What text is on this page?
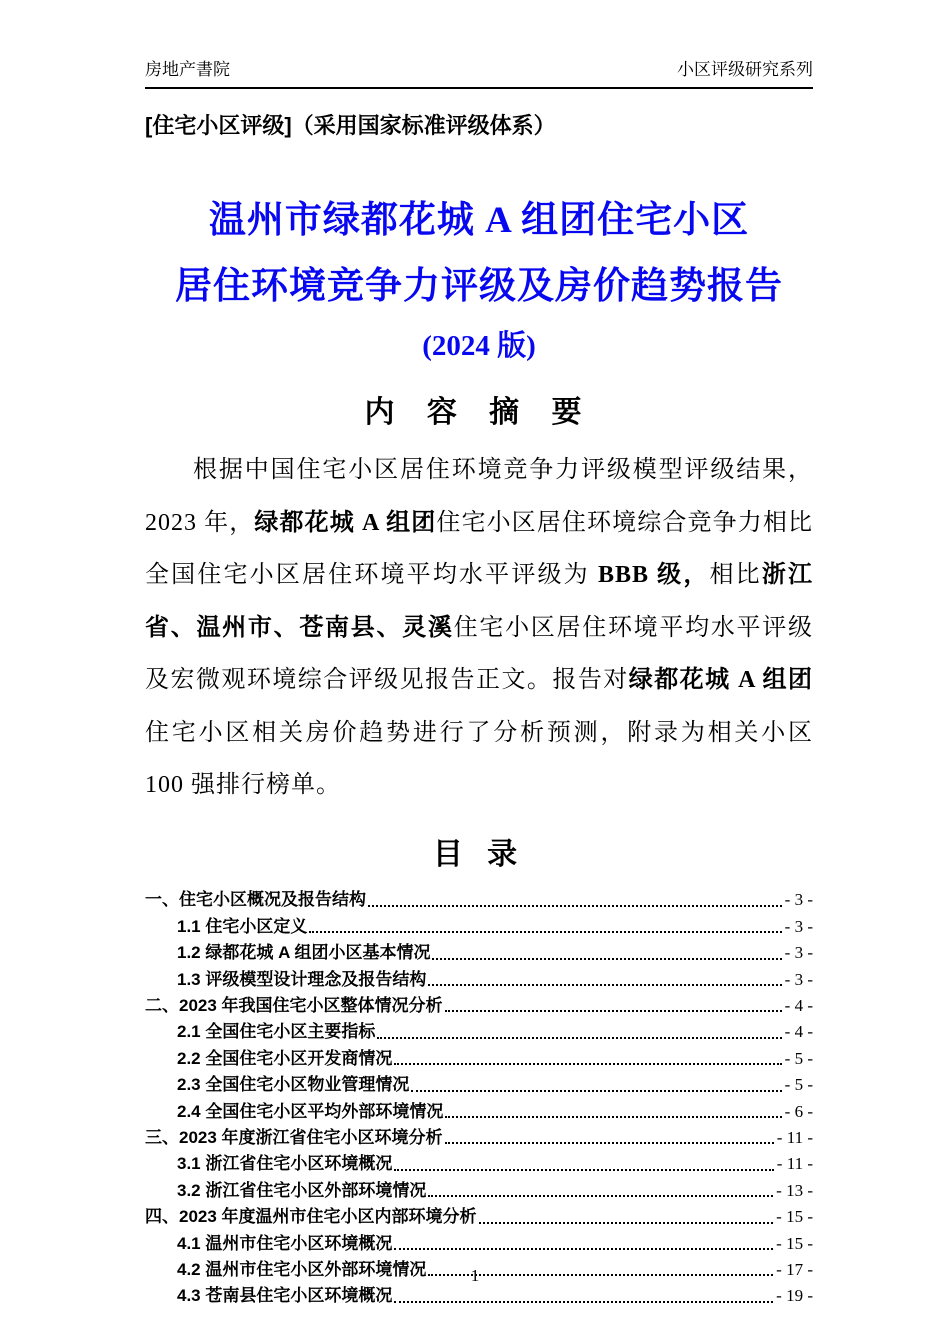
房地产書院	小区评级研究系列
[住宅小区评级]（采用国家标准评级体系）
温州市绿都花城 A 组团住宅小区
居住环境竞争力评级及房价趋势报告
(2024 版)
内 容 摘 要

根据中国住宅小区居住环境竞争力评级模型评级结果，2023 年，绿都花城 A 组团住宅小区居住环境综合竞争力相比全国住宅小区居住环境平均水平评级为 BBB 级，相比浙江省、温州市、苍南县、灵溪住宅小区居住环境平均水平评级及宏微观环境综合评级见报告正文。报告对绿都花城 A 组团住宅小区相关房价趋势进行了分析预测，附录为相关小区 100 强排行榜单。

目 录
一、住宅小区概况及报告结构	- 3 -
1.1 住宅小区定义	- 3 -
1.2 绿都花城 A 组团小区基本情况	- 3 -
1.3 评级模型设计理念及报告结构	- 3 -
二、2023 年我国住宅小区整体情况分析	- 4 -
2.1 全国住宅小区主要指标	- 4 -
2.2 全国住宅小区开发商情况	- 5 -
2.3 全国住宅小区物业管理情况	- 5 -
2.4 全国住宅小区平均外部环境情况	- 6 -
三、2023 年度浙江省住宅小区环境分析	- 11 -
3.1 浙江省住宅小区环境概况	- 11 -
3.2 浙江省住宅小区外部环境情况	- 13 -
四、2023 年度温州市住宅小区内部环境分析	- 15 -
4.1 温州市住宅小区环境概况	- 15 -
4.2 温州市住宅小区外部环境情况	- 17 -
4.3 苍南县住宅小区环境概况	- 19 -
1
